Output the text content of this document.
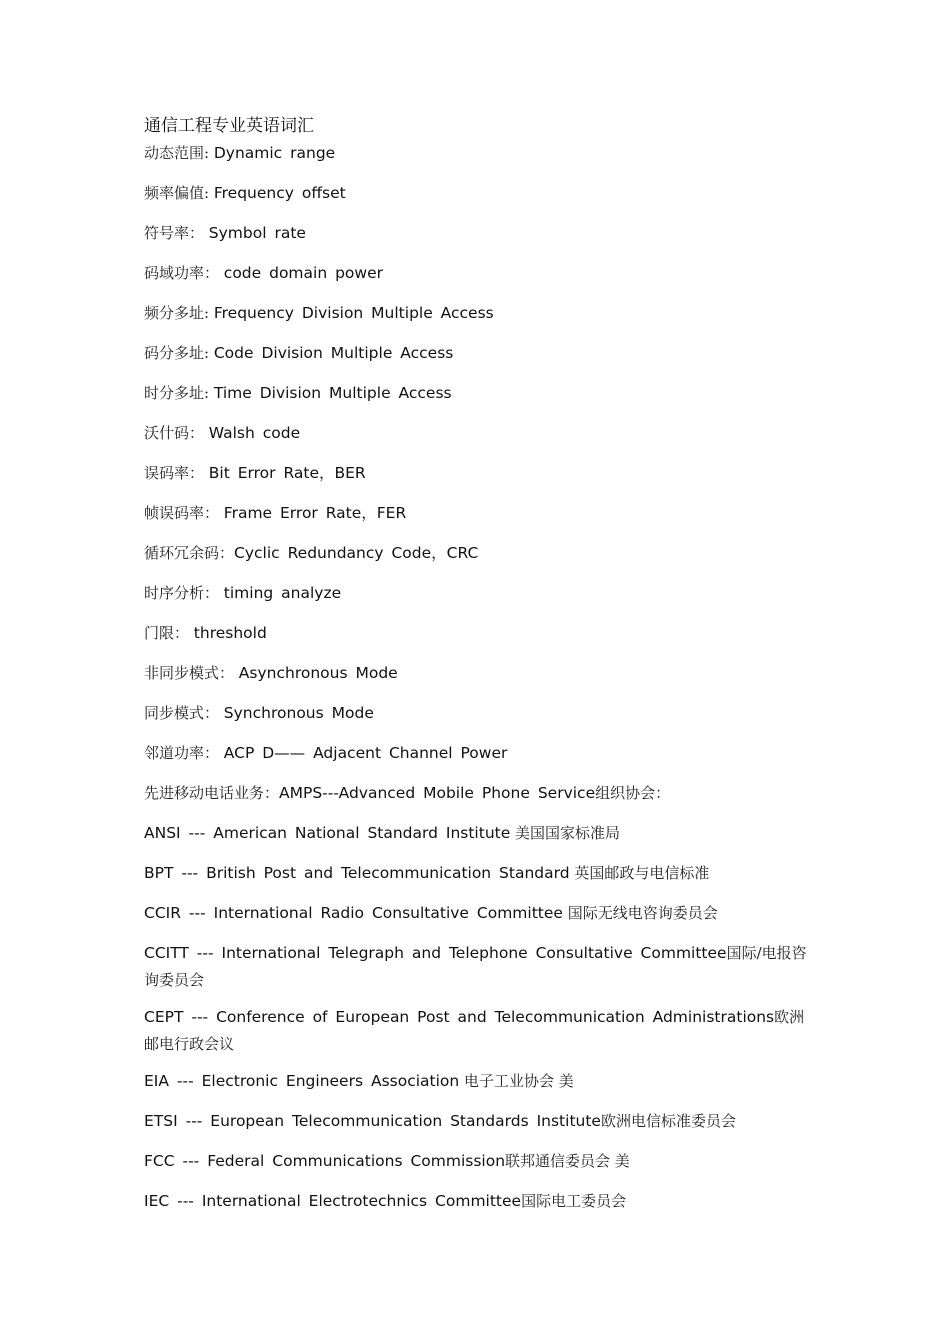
通信工程专业英语词汇
动态范围: Dynamic range
频率偏值: Frequency offset
符号率： Symbol rate
码域功率： code domain power
频分多址: Frequency Division Multiple Access
码分多址: Code Division Multiple Access
时分多址: Time Division Multiple Access
沃什码： Walsh code
误码率： Bit Error Rate，BER
帧误码率： Frame Error Rate，FER
循环冗余码：Cyclic Redundancy Code，CRC
时序分析： timing analyze
门限： threshold
非同步模式： Asynchronous Mode
同步模式： Synchronous Mode
邻道功率： ACP D—— Adjacent Channel Power
先进移动电话业务：AMPS---Advanced Mobile Phone Service组织协会：
ANSI --- American National Standard Institute 美国国家标准局
BPT --- British Post and Telecommunication Standard 英国邮政与电信标准
CCIR --- International Radio Consultative Committee 国际无线电咨询委员会
CCITT --- International Telegraph and Telephone Consultative Committee国际/电报咨询委员会
CEPT --- Conference of European Post and Telecommunication Administrations欧洲邮电行政会议
EIA --- Electronic Engineers Association 电子工业协会 美
ETSI --- European Telecommunication Standards Institute欧洲电信标准委员会
FCC --- Federal Communications Commission联邦通信委员会 美
IEC --- International Electrotechnics Committee国际电工委员会
